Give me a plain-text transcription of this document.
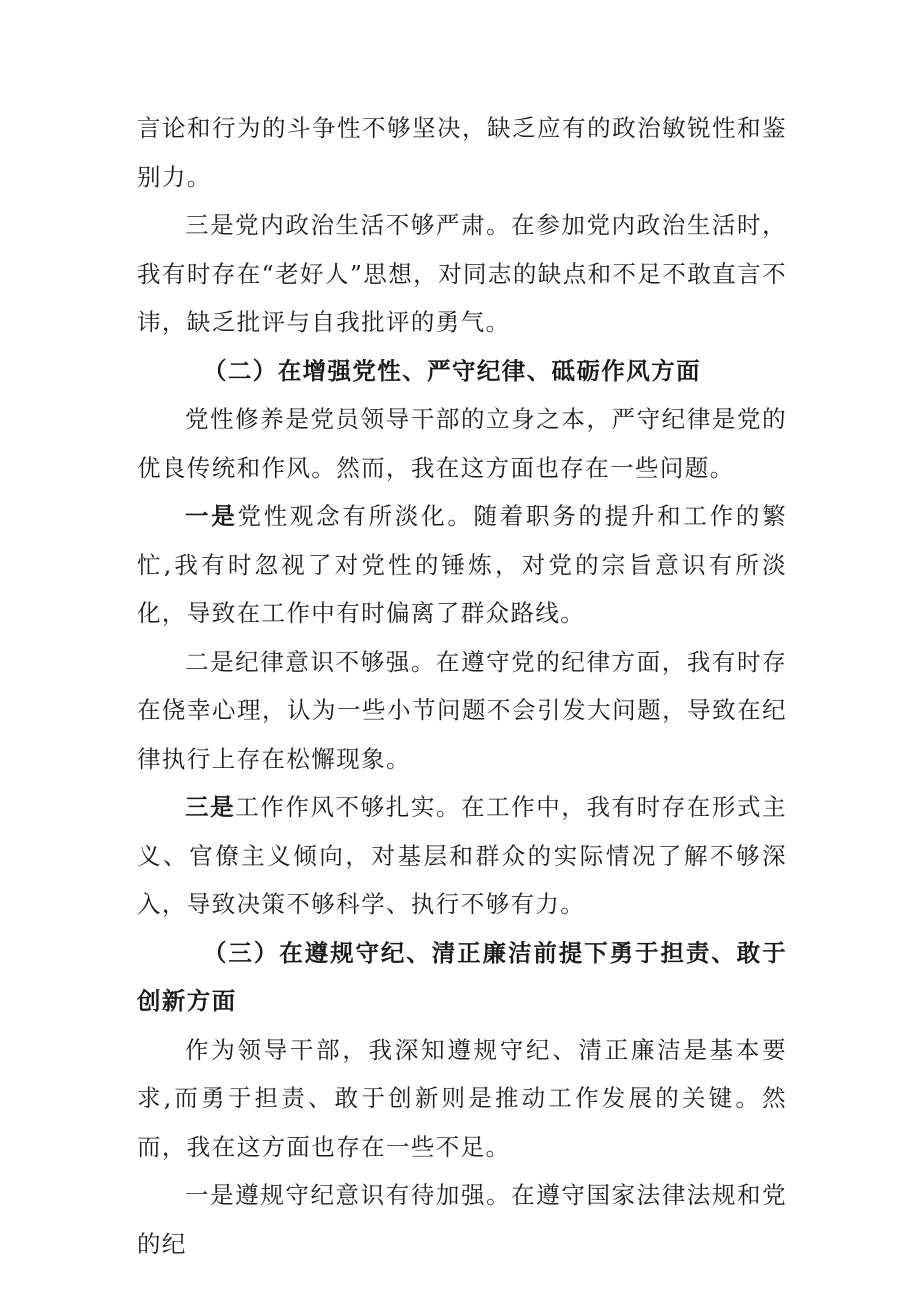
言论和行为的斗争性不够坚决，缺乏应有的政治敏锐性和鉴别力。

三是党内政治生活不够严肃。在参加党内政治生活时，我有时存在“老好人”思想，对同志的缺点和不足不敢直言不讳，缺乏批评与自我批评的勇气。

（二）在增强党性、严守纪律、砥砺作风方面

党性修养是党员领导干部的立身之本，严守纪律是党的优良传统和作风。然而，我在这方面也存在一些问题。

一是党性观念有所淡化。随着职务的提升和工作的繁忙,我有时忽视了对党性的锤炼，对党的宗旨意识有所淡化，导致在工作中有时偏离了群众路线。

二是纪律意识不够强。在遵守党的纪律方面，我有时存在侥幸心理，认为一些小节问题不会引发大问题，导致在纪律执行上存在松懈现象。

三是工作作风不够扎实。在工作中，我有时存在形式主义、官僚主义倾向，对基层和群众的实际情况了解不够深入，导致决策不够科学、执行不够有力。

（三）在遵规守纪、清正廉洁前提下勇于担责、敢于创新方面

作为领导干部，我深知遵规守纪、清正廉洁是基本要求,而勇于担责、敢于创新则是推动工作发展的关键。然而，我在这方面也存在一些不足。

一是遵规守纪意识有待加强。在遵守国家法律法规和党的纪
